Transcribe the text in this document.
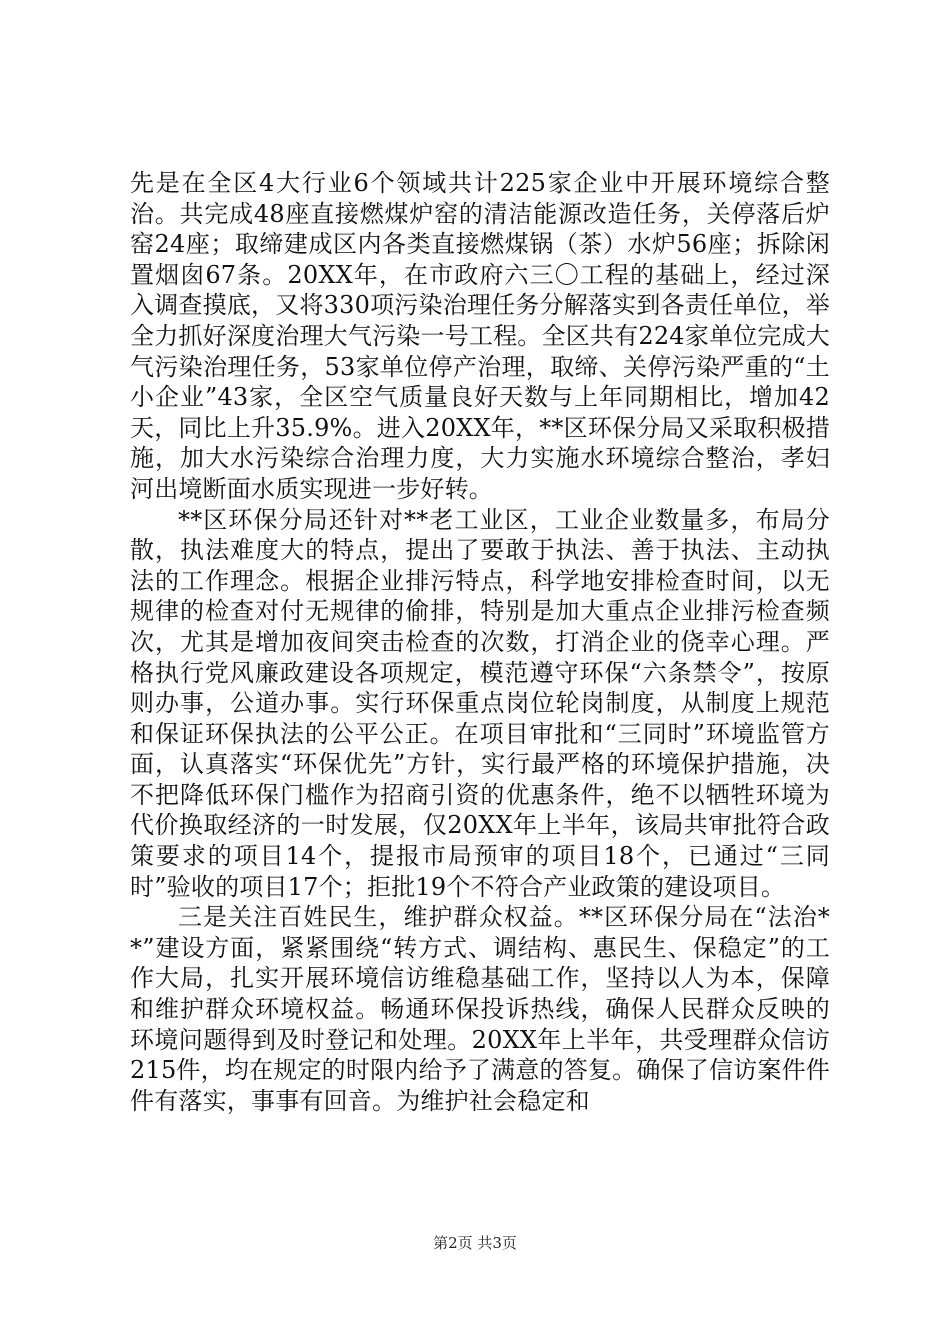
先是在全区4大行业6个领域共计225家企业中开展环境综合整治。共完成48座直接燃煤炉窑的清洁能源改造任务，关停落后炉窑24座；取缔建成区内各类直接燃煤锅（茶）水炉56座；拆除闲置烟囱67条。20XX年，在市政府六三〇工程的基础上，经过深入调查摸底，又将330项污染治理任务分解落实到各责任单位，举全力抓好深度治理大气污染一号工程。全区共有224家单位完成大气污染治理任务，53家单位停产治理，取缔、关停污染严重的“土小企业”43家，全区空气质量良好天数与上年同期相比，增加42天，同比上升35.9%。进入20XX年，**区环保分局又采取积极措施，加大水污染综合治理力度，大力实施水环境综合整治，孝妇河出境断面水质实现进一步好转。

**区环保分局还针对**老工业区，工业企业数量多，布局分散，执法难度大的特点，提出了要敢于执法、善于执法、主动执法的工作理念。根据企业排污特点，科学地安排检查时间，以无规律的检查对付无规律的偷排，特别是加大重点企业排污检查频次，尤其是增加夜间突击检查的次数，打消企业的侥幸心理。严格执行党风廉政建设各项规定，模范遵守环保“六条禁令”，按原则办事，公道办事。实行环保重点岗位轮岗制度，从制度上规范和保证环保执法的公平公正。在项目审批和“三同时”环境监管方面，认真落实“环保优先”方针，实行最严格的环境保护措施，决不把降低环保门槛作为招商引资的优惠条件，绝不以牺牲环境为代价换取经济的一时发展，仅20XX年上半年，该局共审批符合政策要求的项目14个，提报市局预审的项目18个，已通过“三同时”验收的项目17个；拒批19个不符合产业政策的建设项目。

三是关注百姓民生，维护群众权益。**区环保分局在“法治**”建设方面，紧紧围绕“转方式、调结构、惠民生、保稳定”的工作大局，扎实开展环境信访维稳基础工作，坚持以人为本，保障和维护群众环境权益。畅通环保投诉热线，确保人民群众反映的环境问题得到及时登记和处理。20XX年上半年，共受理群众信访215件，均在规定的时限内给予了满意的答复。确保了信访案件件件有落实，事事有回音。为维护社会稳定和

第2页 共3页
